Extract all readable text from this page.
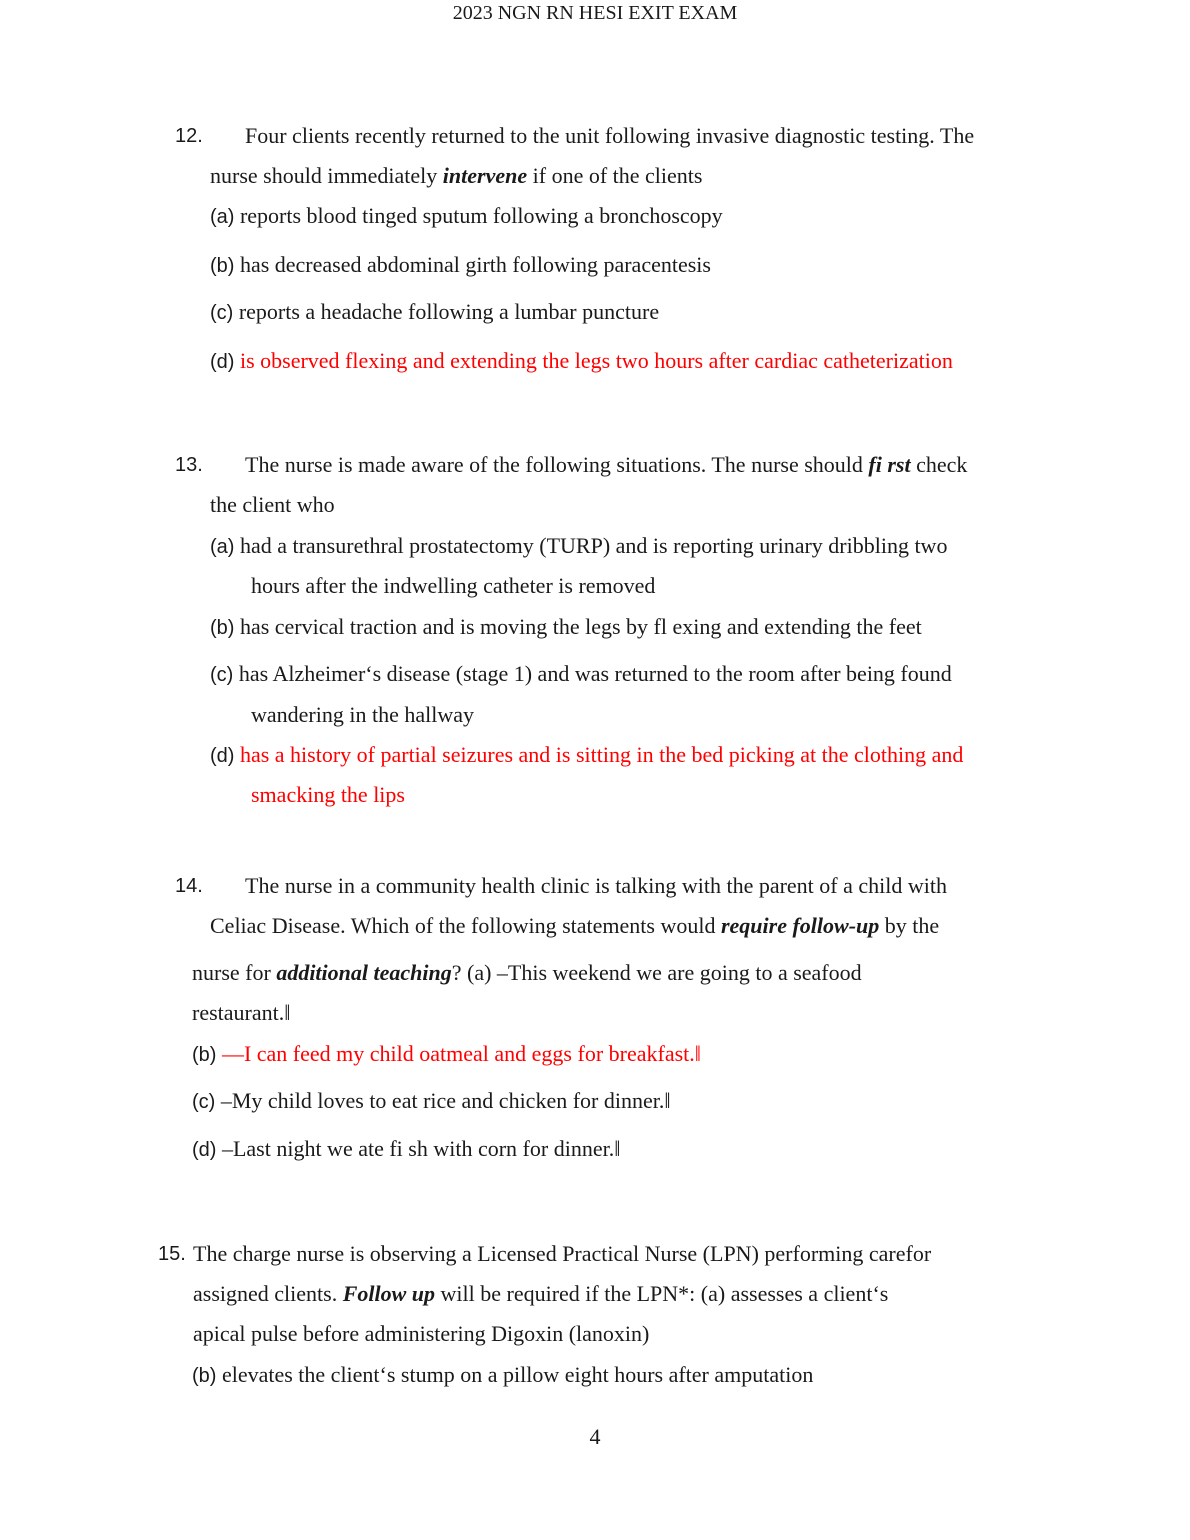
2023 NGN RN HESI EXIT EXAM
12. Four clients recently returned to the unit following invasive diagnostic testing. The
nurse should immediately intervene if one of the clients
(a) reports blood tinged sputum following a bronchoscopy
(b) has decreased abdominal girth following paracentesis
(c) reports a headache following a lumbar puncture
(d) is observed flexing and extending the legs two hours after cardiac catheterization
13. The nurse is made aware of the following situations. The nurse should fi rst check
the client who
(a) had a transurethral prostatectomy (TURP) and is reporting urinary dribbling two
hours after the indwelling catheter is removed
(b) has cervical traction and is moving the legs by fl exing and extending the feet
(c) has Alzheimer‘s disease (stage 1) and was returned to the room after being found
wandering in the hallway
(d) has a history of partial seizures and is sitting in the bed picking at the clothing and
smacking the lips
14. The nurse in a community health clinic is talking with the parent of a child with
Celiac Disease. Which of the following statements would require follow-up by the
nurse for additional teaching? (a) –This weekend we are going to a seafood
restaurant.‖
(b) —I can feed my child oatmeal and eggs for breakfast.‖
(c) –My child loves to eat rice and chicken for dinner.‖
(d) –Last night we ate fi sh with corn for dinner.‖
15. The charge nurse is observing a Licensed Practical Nurse (LPN) performing carefor
assigned clients. Follow up will be required if the LPN*: (a) assesses a client‘s
apical pulse before administering Digoxin (lanoxin)
(b) elevates the client‘s stump on a pillow eight hours after amputation
4
